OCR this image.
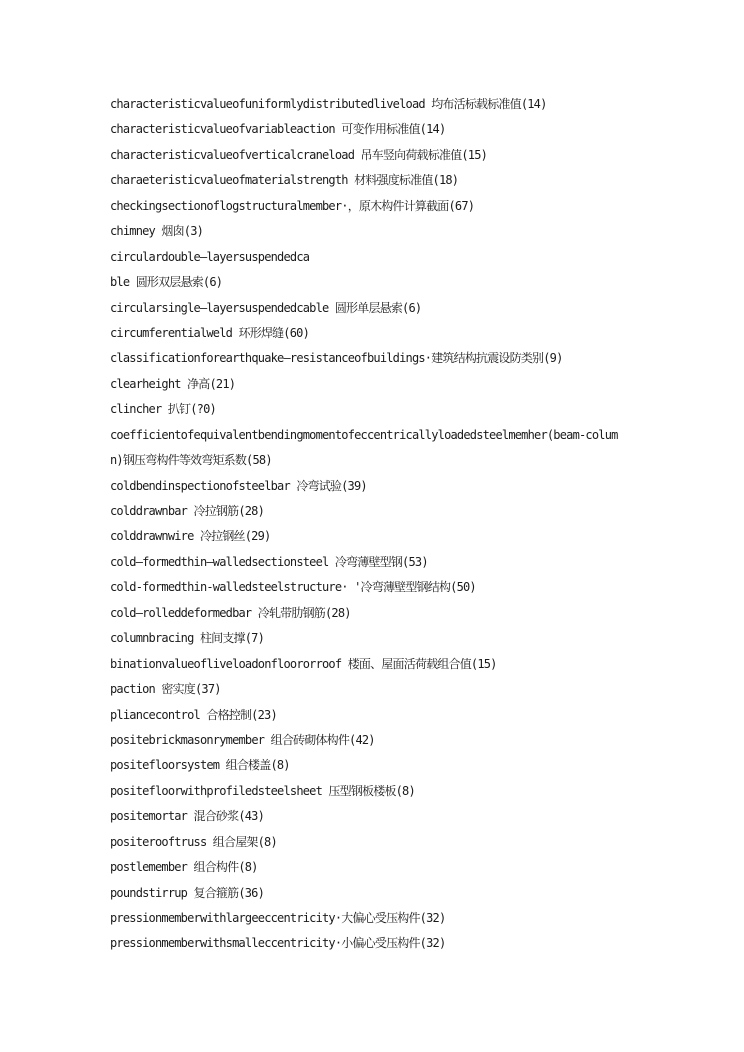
characteristicvalueofuniformlydistributedliveload 均布活标载标准值(14)
characteristicvalueofvariableaction 可变作用标准值(14)
characteristicvalueofverticalcraneload 吊车竖向荷载标准值(15)
charaeteristicvalueofmaterialstrength 材料强度标准值(18)
checkingsectionoflogstructuralmember·，原木构件计算截面(67)
chimney 烟囱(3)
circulardouble—layersuspendedca
ble 圆形双层悬索(6)
circularsingle—layersuspendedcable 圆形单层悬索(6)
circumferentialweld 环形焊缝(60)
classificationforearthquake—resistanceofbuildings·建筑结构抗震设防类别(9)
clearheight 净高(21)
clincher 扒钉(?0)
coefficientofequivalentbendingmomentofeccentricallyloadedsteelmemher(beam-colum
n)钢压弯构件等效弯矩系数(58)
coldbendinspectionofsteelbar 冷弯试验(39)
colddrawnbar 冷拉钢筋(28)
colddrawnwire 冷拉钢丝(29)
cold—formedthin—walledsectionsteel 冷弯薄壁型钢(53)
cold-formedthin-walledsteelstructure· '冷弯薄壁型钢结构(50)
cold—rolleddeformedbar 冷轧带肋钢筋(28)
columnbracing 柱间支撑(7)
binationvalueofliveloadonfloororroof 楼面、屋面活荷载组合值(15)
paction 密实度(37)
pliancecontrol 合格控制(23)
positebrickmasonrymember 组合砖砌体构件(42)
positefloorsystem 组合楼盖(8)
positefloorwithprofiledsteelsheet 压型钢板楼板(8)
positemortar 混合砂浆(43)
positerooftruss 组合屋架(8)
postlemember 组合构件(8)
poundstirrup 复合箍筋(36)
pressionmemberwithlargeeccentricity·大偏心受压构件(32)
pressionmemberwithsmalleccentricity·小偏心受压构件(32)
